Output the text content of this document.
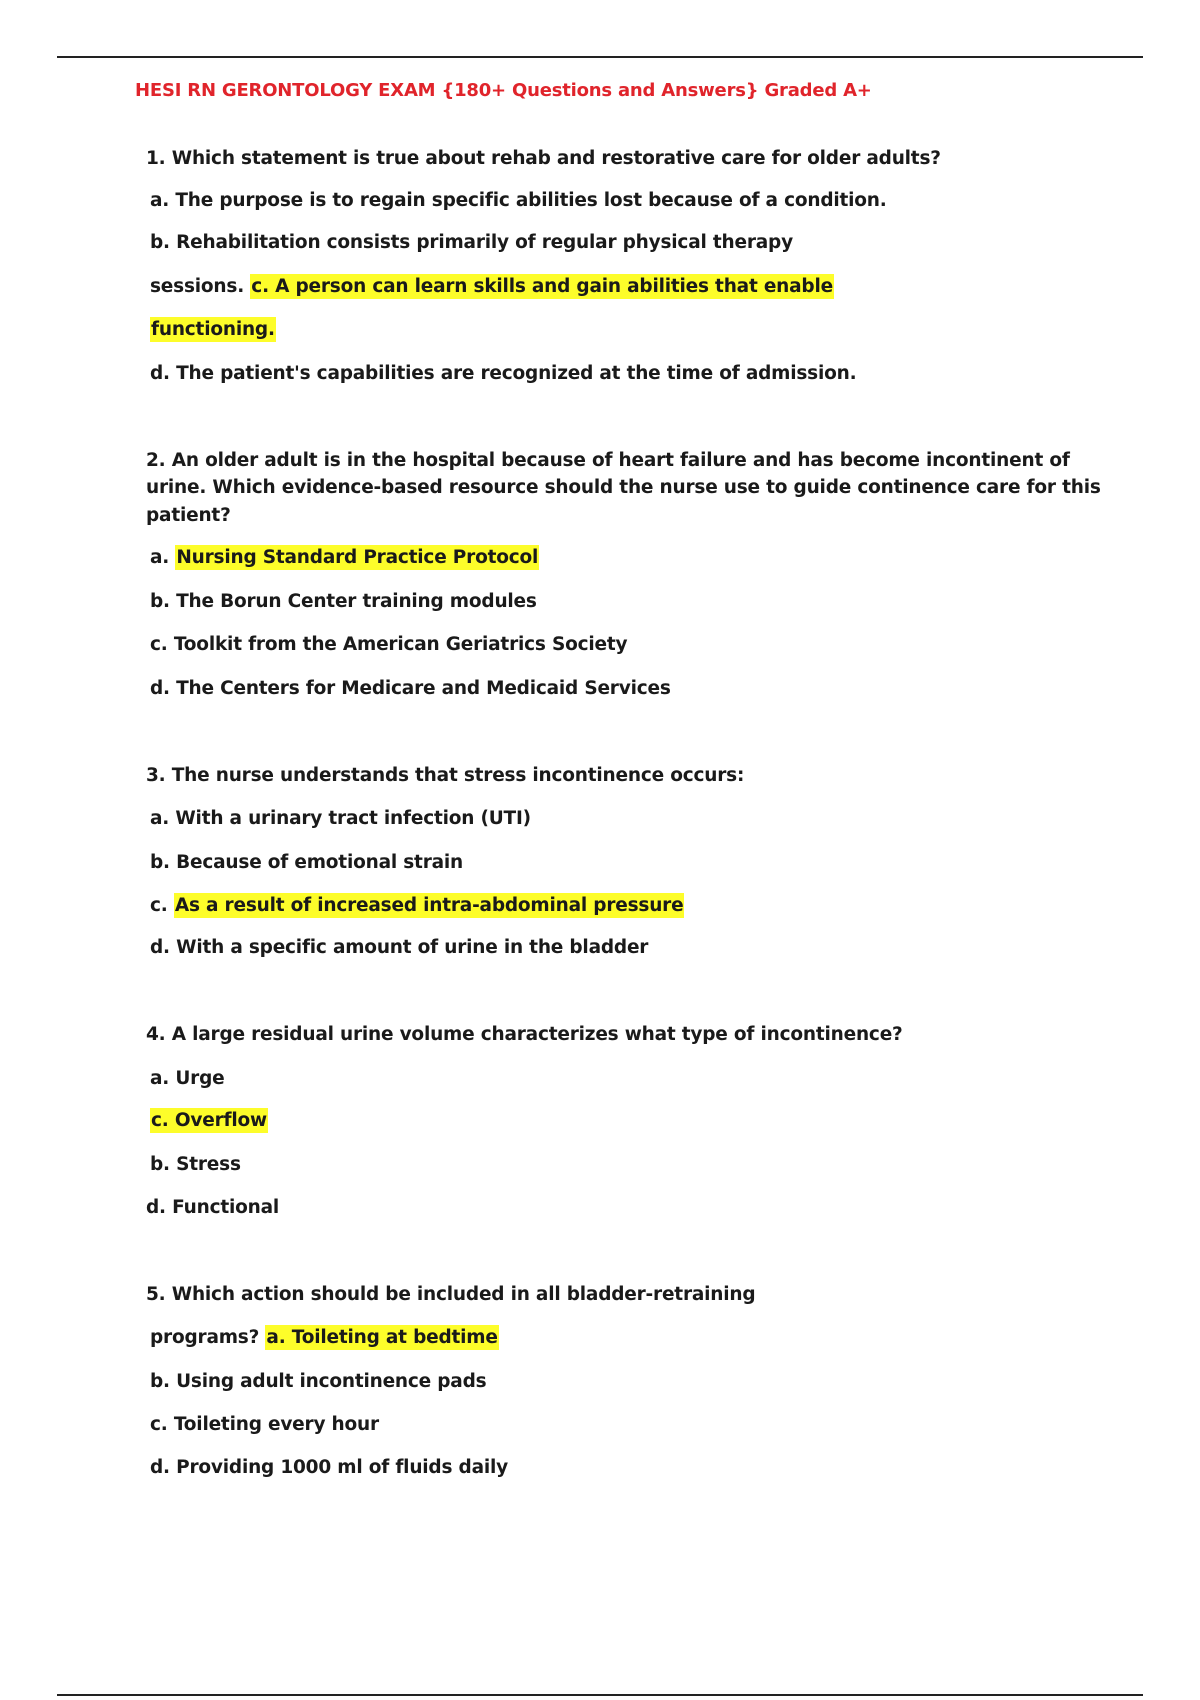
HESI RN GERONTOLOGY EXAM {180+ Questions and Answers} Graded A+
1. Which statement is true about rehab and restorative care for older adults?
a. The purpose is to regain specific abilities lost because of a condition.
b. Rehabilitation consists primarily of regular physical therapy
sessions. c. A person can learn skills and gain abilities that enable
functioning.
d. The patient's capabilities are recognized at the time of admission.
2. An older adult is in the hospital because of heart failure and has become incontinent of
urine. Which evidence-based resource should the nurse use to guide continence care for this
patient?
a. Nursing Standard Practice Protocol
b. The Borun Center training modules
c. Toolkit from the American Geriatrics Society
d. The Centers for Medicare and Medicaid Services
3. The nurse understands that stress incontinence occurs:
a. With a urinary tract infection (UTI)
b. Because of emotional strain
c. As a result of increased intra-abdominal pressure
d. With a specific amount of urine in the bladder
4. A large residual urine volume characterizes what type of incontinence?
a. Urge
c. Overflow
b. Stress
d. Functional
5. Which action should be included in all bladder-retraining
programs? a. Toileting at bedtime
b. Using adult incontinence pads
c. Toileting every hour
d. Providing 1000 ml of fluids daily
